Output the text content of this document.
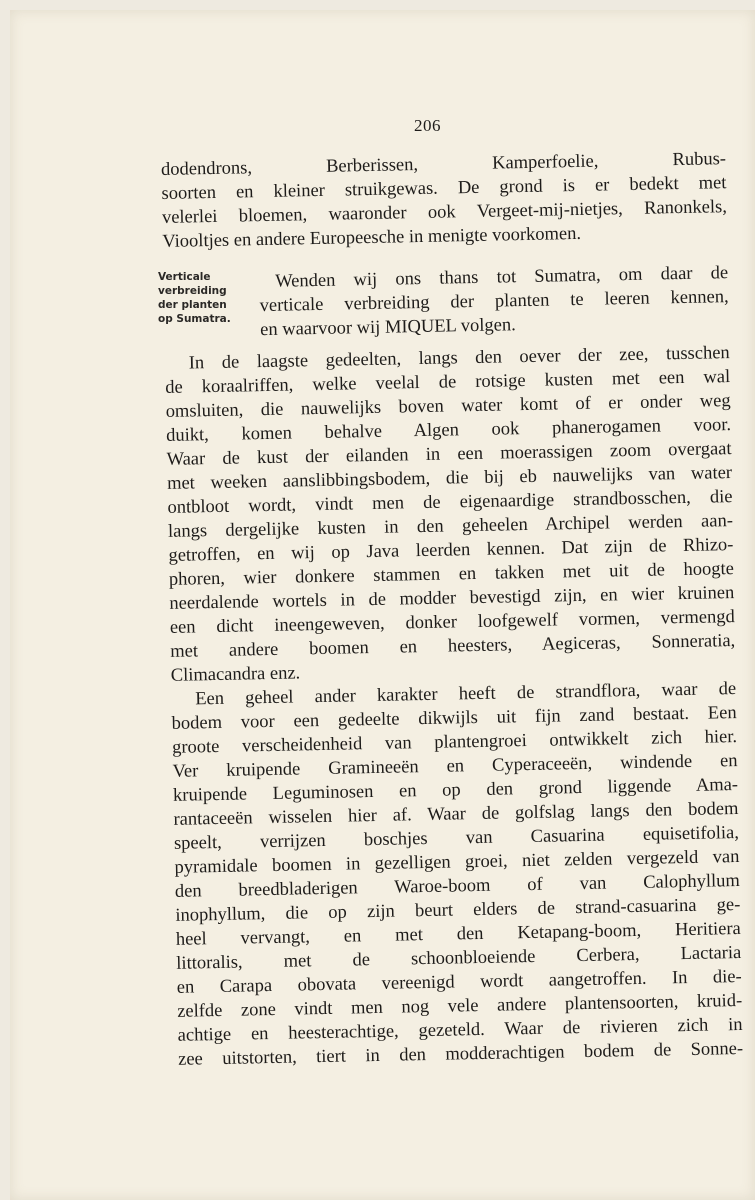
206
Verticale
verbreiding
der planten
op Sumatra.
dodendrons, Berberissen, Kamperfoelie, Rubus-
soorten en kleiner struikgewas. De grond is er bedekt met
velerlei bloemen, waaronder ook Vergeet-mij-nietjes, Ranonkels,
Viooltjes en andere Europeesche in menigte voorkomen.
Wenden wij ons thans tot Sumatra, om daar de
verticale verbreiding der planten te leeren kennen,
en waarvoor wij MIQUEL volgen.
In de laagste gedeelten, langs den oever der zee, tusschen
de koraalriffen, welke veelal de rotsige kusten met een wal
omsluiten, die nauwelijks boven water komt of er onder weg
duikt, komen behalve Algen ook phanerogamen voor.
Waar de kust der eilanden in een moerassigen zoom overgaat
met weeken aanslibbingsbodem, die bij eb nauwelijks van water
ontbloot wordt, vindt men de eigenaardige strandbosschen, die
langs dergelijke kusten in den geheelen Archipel werden aan-
getroffen, en wij op Java leerden kennen. Dat zijn de Rhizo-
phoren, wier donkere stammen en takken met uit de hoogte
neerdalende wortels in de modder bevestigd zijn, en wier kruinen
een dicht ineengeweven, donker loofgewelf vormen, vermengd
met andere boomen en heesters, Aegiceras, Sonneratia,
Climacandra enz.
Een geheel ander karakter heeft de strandflora, waar de
bodem voor een gedeelte dikwijls uit fijn zand bestaat. Een
groote verscheidenheid van plantengroei ontwikkelt zich hier.
Ver kruipende Gramineeën en Cyperaceeën, windende en
kruipende Leguminosen en op den grond liggende Ama-
rantaceeën wisselen hier af. Waar de golfslag langs den bodem
speelt, verrijzen boschjes van Casuarina equisetifolia,
pyramidale boomen in gezelligen groei, niet zelden vergezeld van
den breedbladerigen Waroe-boom of van Calophyllum
inophyllum, die op zijn beurt elders de strand-casuarina ge-
heel vervangt, en met den Ketapang-boom, Heritiera
littoralis, met de schoonbloeiende Cerbera, Lactaria
en Carapa obovata vereenigd wordt aangetroffen. In die-
zelfde zone vindt men nog vele andere plantensoorten, kruid-
achtige en heesterachtige, gezeteld. Waar de rivieren zich in
zee uitstorten, tiert in den modderachtigen bodem de Sonne-
